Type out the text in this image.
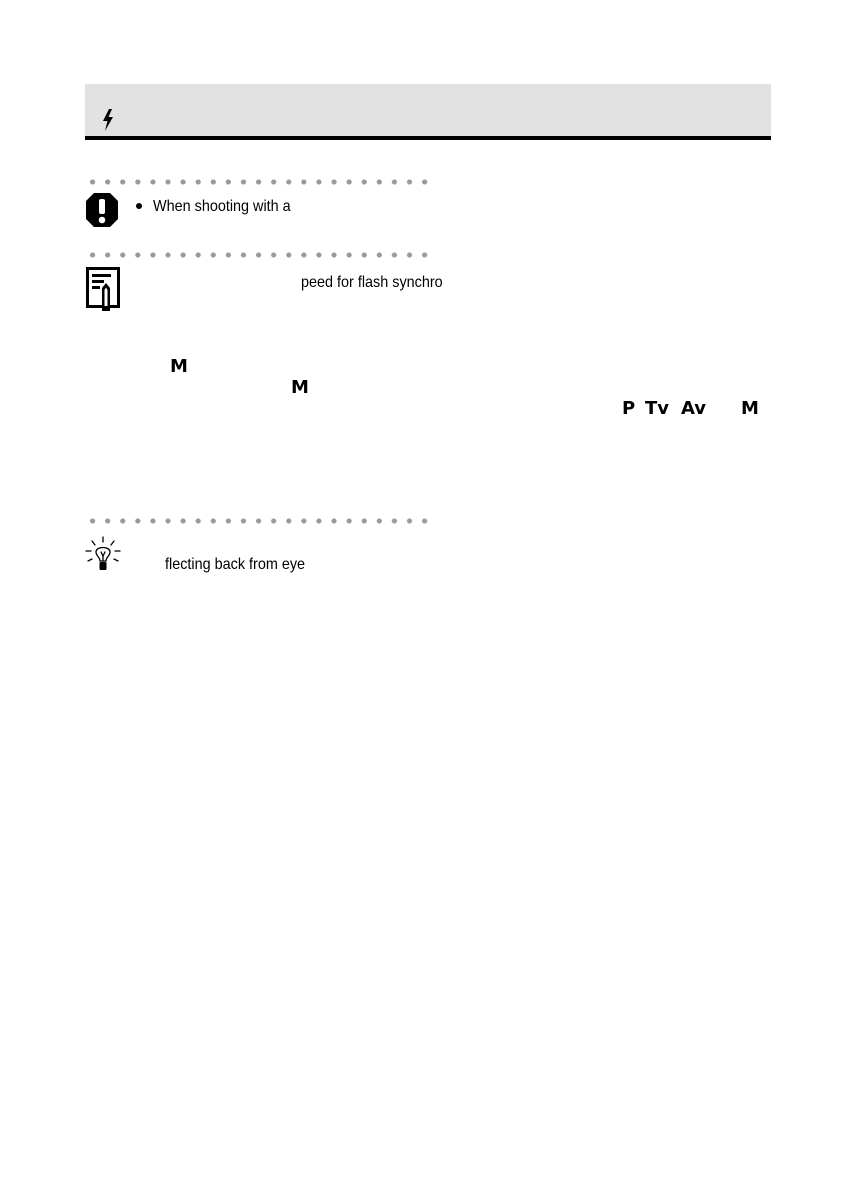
When shooting with a
peed for flash synchro
M
M
P Tv Av M
flecting back from eye
